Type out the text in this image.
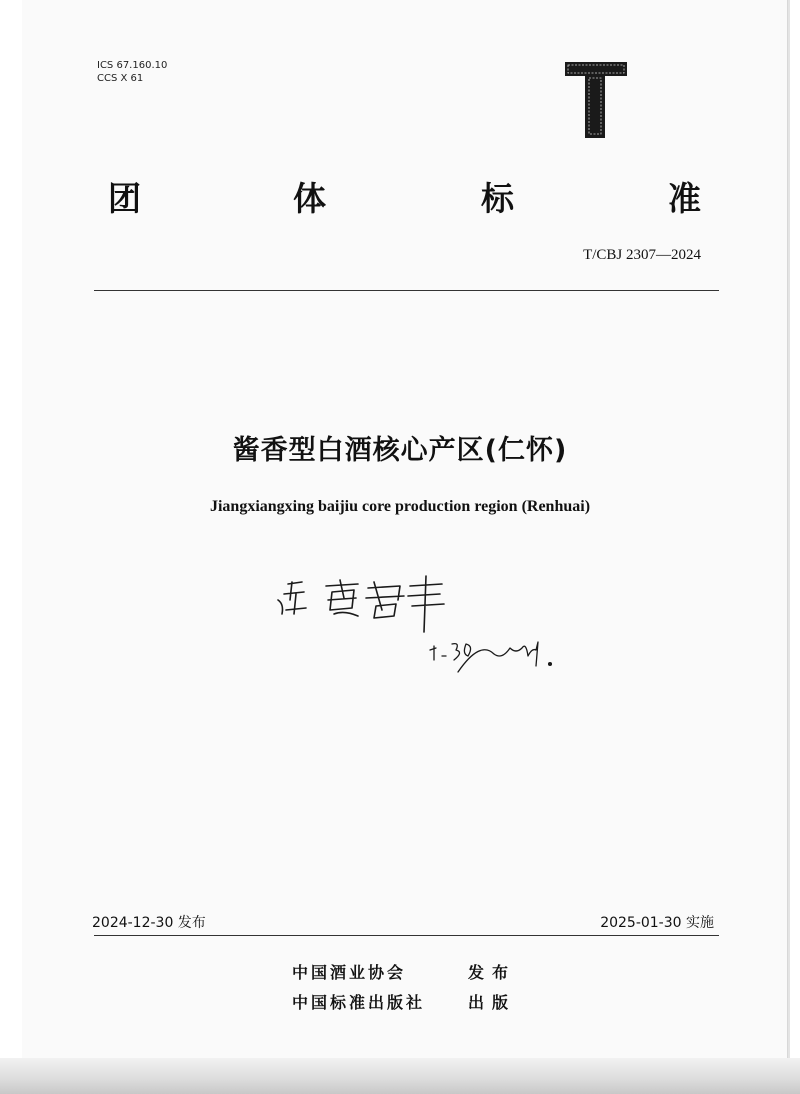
ICS 67.160.10
CCS X 61
团	体	标	准
T/CBJ 2307—2024
酱香型白酒核心产区(仁怀)
Jiangxiangxing baijiu core production region (Renhuai)
2024-12-30 发布	2025-01-30 实施
中国酒业协会	发布
中国标准出版社	出版
